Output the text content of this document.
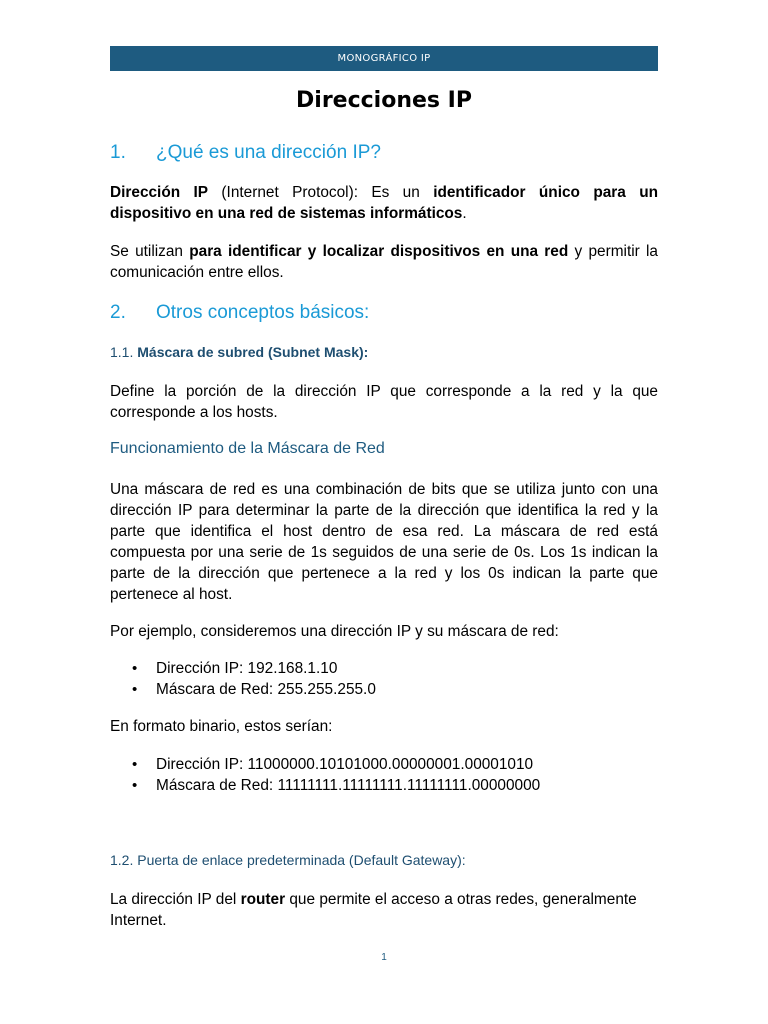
MONOGRÁFICO IP
Direcciones IP
1.	¿Qué es una dirección IP?

Dirección IP (Internet Protocol): Es un identificador único para un dispositivo en una red de sistemas informáticos.

Se utilizan para identificar y localizar dispositivos en una red y permitir la comunicación entre ellos.

2.	Otros conceptos básicos:
1.1. Máscara de subred (Subnet Mask):

Define la porción de la dirección IP que corresponde a la red y la que corresponde a los hosts.

Funcionamiento de la Máscara de Red

Una máscara de red es una combinación de bits que se utiliza junto con una dirección IP para determinar la parte de la dirección que identifica la red y la parte que identifica el host dentro de esa red. La máscara de red está compuesta por una serie de 1s seguidos de una serie de 0s. Los 1s indican la parte de la dirección que pertenece a la red y los 0s indican la parte que pertenece al host.

Por ejemplo, consideremos una dirección IP y su máscara de red:

• Dirección IP: 192.168.1.10
• Máscara de Red: 255.255.255.0

En formato binario, estos serían:

• Dirección IP: 11000000.10101000.00000001.00001010
• Máscara de Red: 11111111.11111111.11111111.00000000
1.2. Puerta de enlace predeterminada (Default Gateway):

La dirección IP del router que permite el acceso a otras redes, generalmente Internet.

1
